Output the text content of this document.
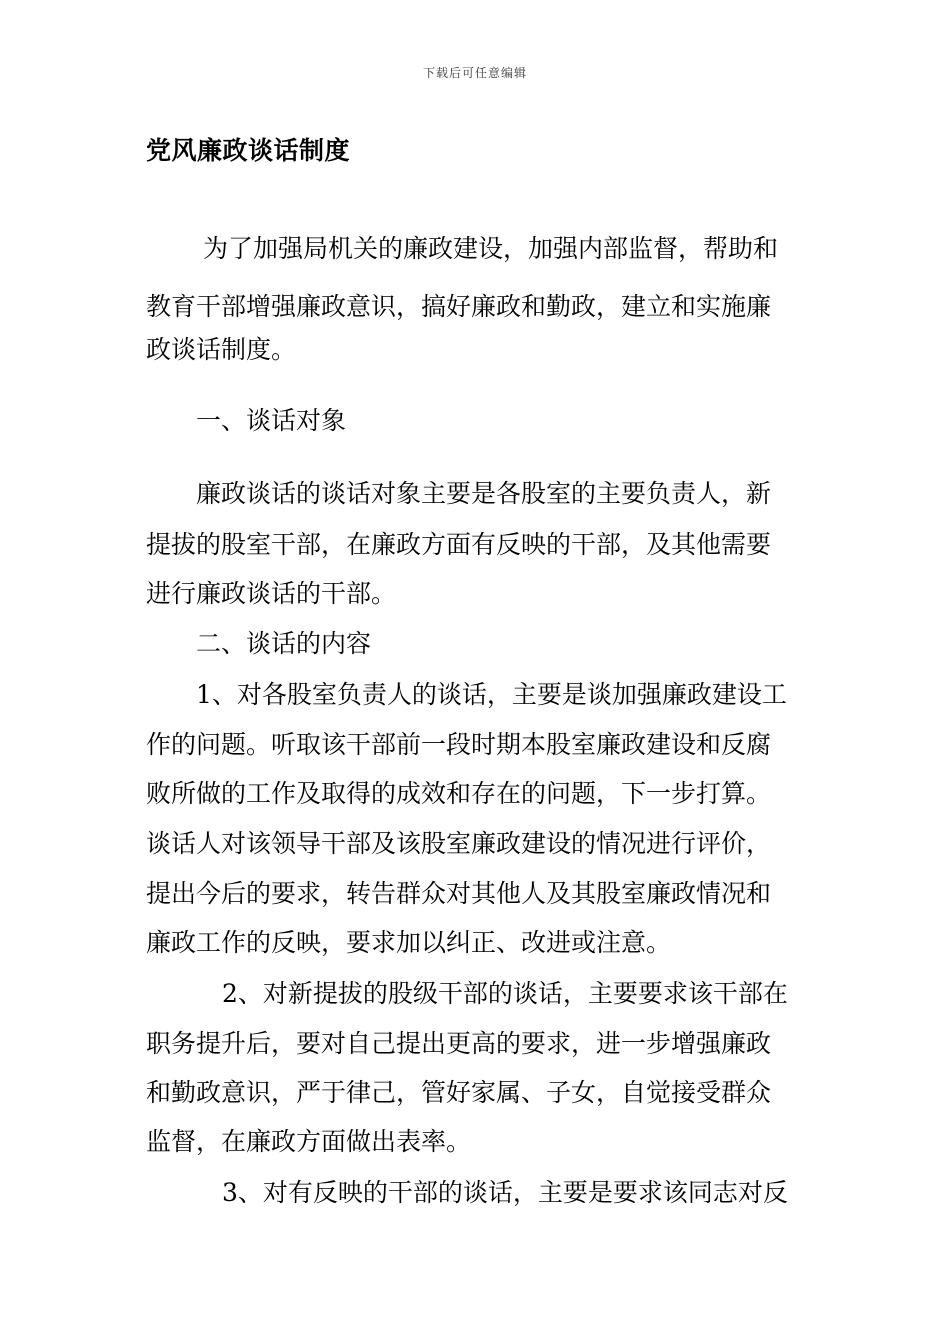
下载后可任意编辑
党风廉政谈话制度
为了加强局机关的廉政建设，加强内部监督，帮助和
教育干部增强廉政意识，搞好廉政和勤政，建立和实施廉
政谈话制度。
一、谈话对象
廉政谈话的谈话对象主要是各股室的主要负责人，新
提拔的股室干部，在廉政方面有反映的干部，及其他需要
进行廉政谈话的干部。
二、谈话的内容
1、对各股室负责人的谈话，主要是谈加强廉政建设工
作的问题。听取该干部前一段时期本股室廉政建设和反腐
败所做的工作及取得的成效和存在的问题，下一步打算。
谈话人对该领导干部及该股室廉政建设的情况进行评价，
提出今后的要求，转告群众对其他人及其股室廉政情况和
廉政工作的反映，要求加以纠正、改进或注意。
2、对新提拔的股级干部的谈话，主要要求该干部在
职务提升后，要对自己提出更高的要求，进一步增强廉政
和勤政意识，严于律己，管好家属、子女，自觉接受群众
监督，在廉政方面做出表率。
3、对有反映的干部的谈话，主要是要求该同志对反
